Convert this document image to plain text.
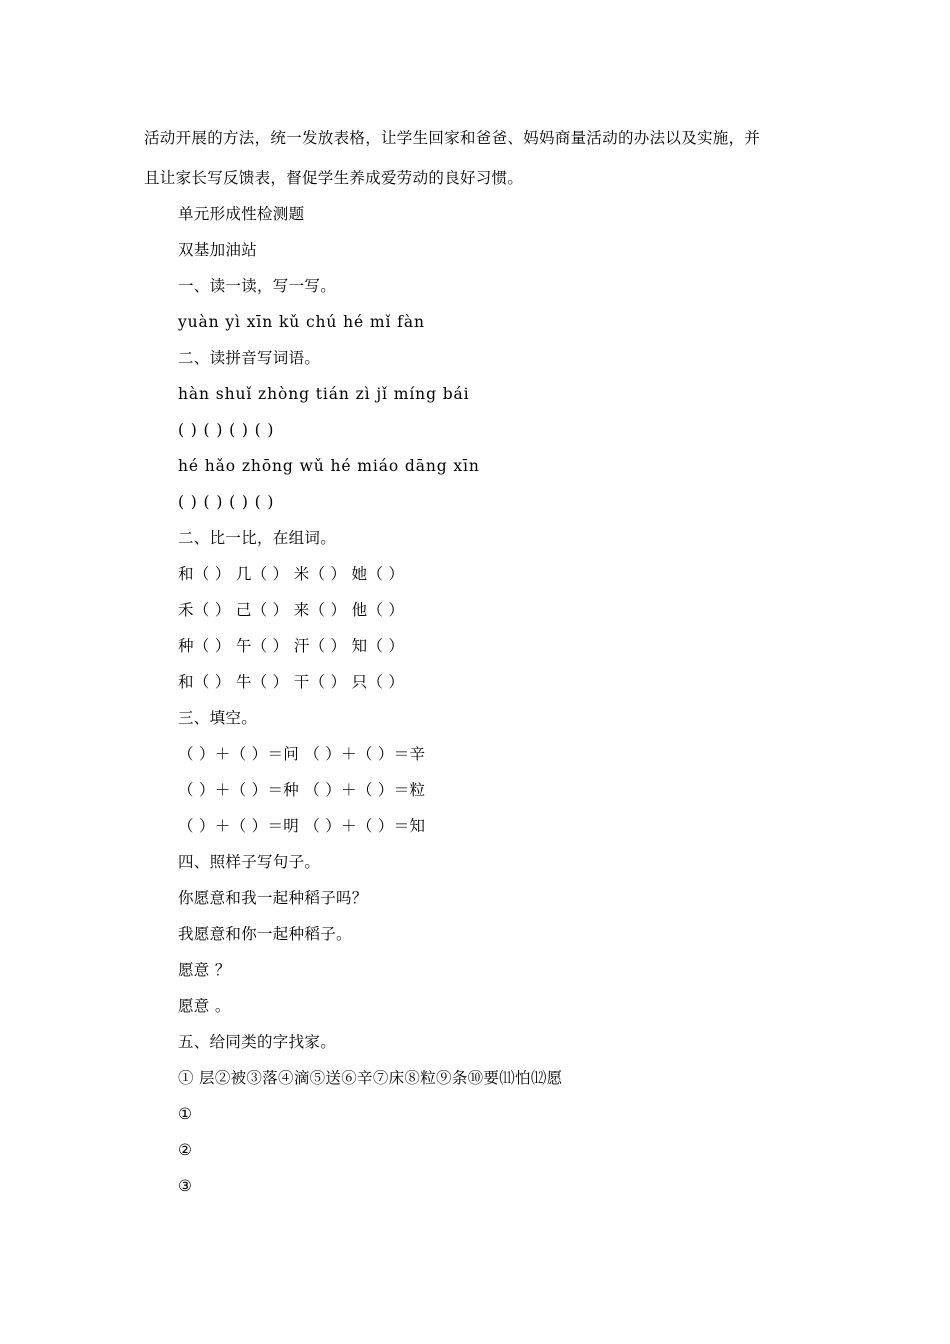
活动开展的方法，统一发放表格，让学生回家和爸爸、妈妈商量活动的办法以及实施，并
且让家长写反馈表，督促学生养成爱劳动的良好习惯。
单元形成性检测题
双基加油站
一、读一读，写一写。
yuàn yì xīn kǔ chú hé mǐ fàn
二、读拼音写词语。
hàn shuǐ zhòng tián zì jǐ míng bái
( ) ( ) ( ) ( )
hé hǎo zhōng wǔ hé miáo dāng xīn
( ) ( ) ( ) ( )
二、比一比，在组词。
和（ ） 几（ ） 米（ ） 她（ ）
禾（ ） 己（ ） 来（ ） 他（ ）
种（ ） 午（ ） 汗（ ） 知（ ）
和（ ） 牛（ ） 干（ ） 只（ ）
三、填空。
（ ）＋（ ）＝问 （ ）＋（ ）＝辛
（ ）＋（ ）＝种 （ ）＋（ ）＝粒
（ ）＋（ ）＝明 （ ）＋（ ）＝知
四、照样子写句子。
你愿意和我一起种稻子吗？
我愿意和你一起种稻子。
愿意 ？
愿意 。
五、给同类的字找家。
① 层②被③落④滴⑤送⑥辛⑦床⑧粒⑨条⑩要⑾怕⑿愿
①
②
③
